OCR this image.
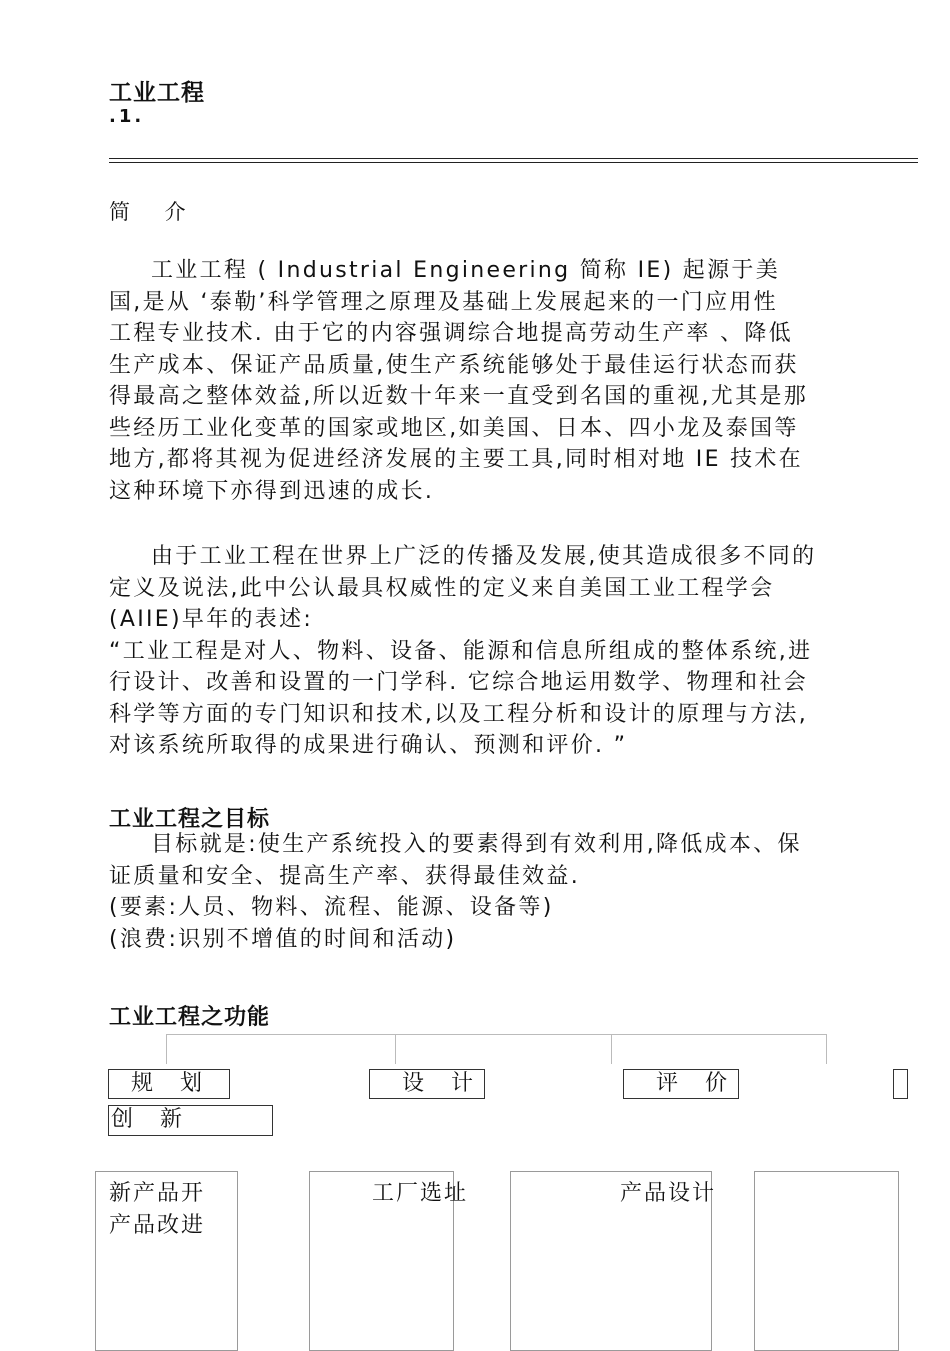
工业工程
.1.
简 介
工业工程 ( Industrial Engineering 简称 IE) 起源于美
国,是从 ‘泰勒’科学管理之原理及基础上发展起来的一门应用性
工程专业技术. 由于它的内容强调综合地提高劳动生产率 、降低
生产成本、保证产品质量,使生产系统能够处于最佳运行状态而获
得最高之整体效益,所以近数十年来一直受到名国的重视,尤其是那
些经历工业化变革的国家或地区,如美国、日本、四小龙及泰国等
地方,都将其视为促进经济发展的主要工具,同时相对地 IE 技术在
这种环境下亦得到迅速的成长.
由于工业工程在世界上广泛的传播及发展,使其造成很多不同的
定义及说法,此中公认最具权威性的定义来自美国工业工程学会
(AIIE)早年的表述:
“工业工程是对人、物料、设备、能源和信息所组成的整体系统,进
行设计、改善和设置的一门学科. 它综合地运用数学、物理和社会
科学等方面的专门知识和技术,以及工程分析和设计的原理与方法,
对该系统所取得的成果进行确认、预测和评价. ”
工业工程之目标
目标就是:使生产系统投入的要素得到有效利用,降低成本、保
证质量和安全、提高生产率、获得最佳效益.
(要素:人员、物料、流程、能源、设备等)
(浪费:识别不增值的时间和活动)
工业工程之功能
规 划	设 计	评 价
创 新
新产品开
产品改进
工厂选址	产品设计
